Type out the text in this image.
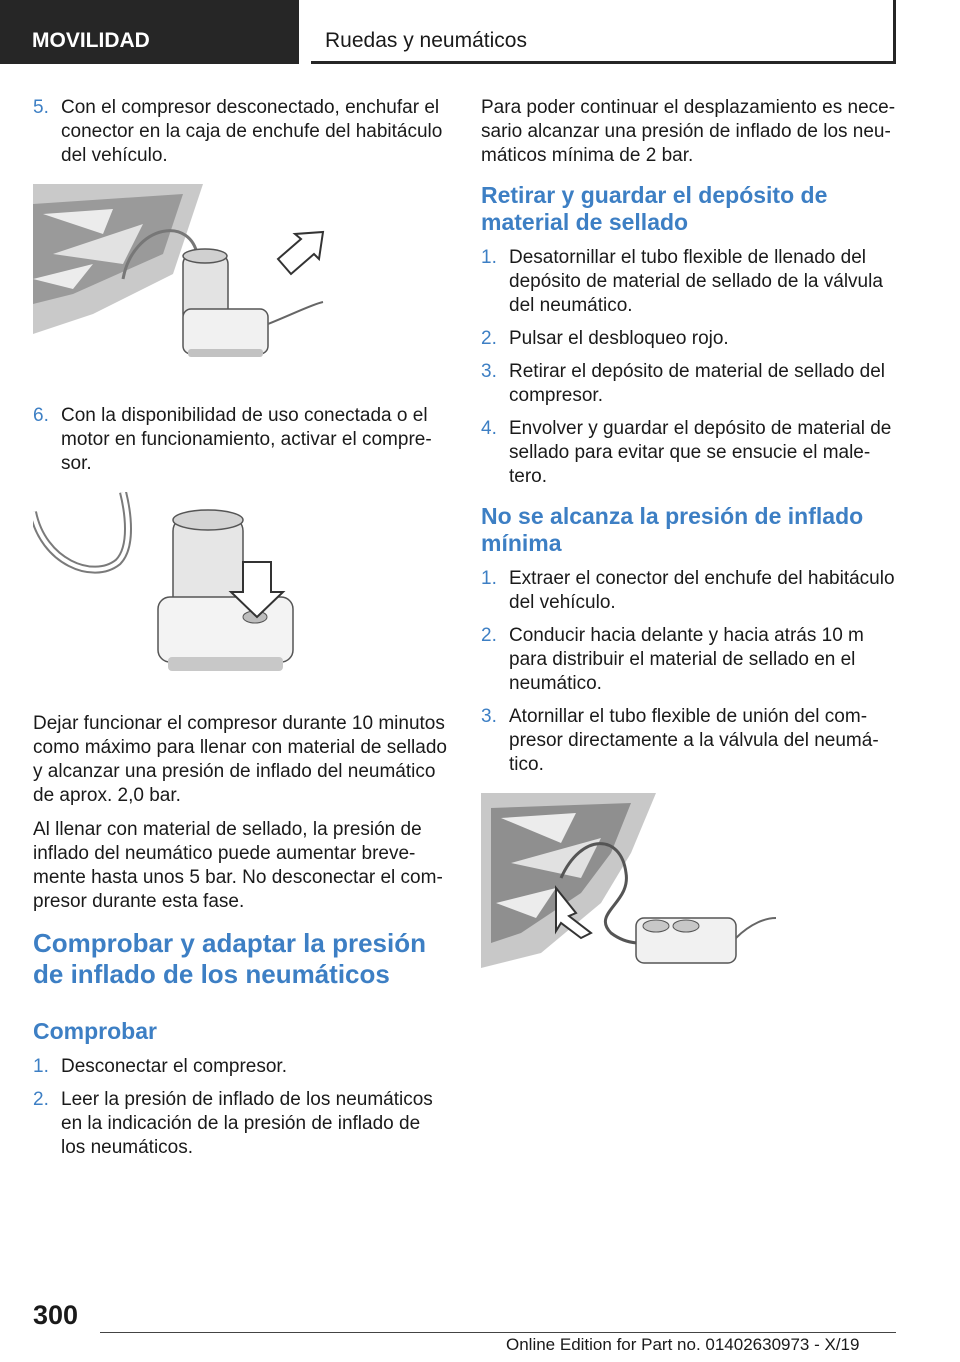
MOVILIDAD	Ruedas y neumáticos
5. Con el compresor desconectado, enchufar el conector en la caja de enchufe del habitáculo del vehículo.
6. Con la disponibilidad de uso conectada o el motor en funcionamiento, activar el compresor.

Dejar funcionar el compresor durante 10 minutos como máximo para llenar con material de sellado y alcanzar una presión de inflado del neumático de aprox. 2,0 bar.

Al llenar con material de sellado, la presión de inflado del neumático puede aumentar brevemente hasta unos 5 bar. No desconectar el compresor durante esta fase.

Comprobar y adaptar la presión de inflado de los neumáticos
Comprobar
1. Desconectar el compresor.
2. Leer la presión de inflado de los neumáticos en la indicación de la presión de inflado de los neumáticos.

Para poder continuar el desplazamiento es necesario alcanzar una presión de inflado de los neumáticos mínima de 2 bar.

Retirar y guardar el depósito de material de sellado
1. Desatornillar el tubo flexible de llenado del depósito de material de sellado de la válvula del neumático.
2. Pulsar el desbloqueo rojo.
3. Retirar el depósito de material de sellado del compresor.
4. Envolver y guardar el depósito de material de sellado para evitar que se ensucie el maletero.
No se alcanza la presión de inflado mínima
1. Extraer el conector del enchufe del habitáculo del vehículo.
2. Conducir hacia delante y hacia atrás 10 m para distribuir el material de sellado en el neumático.
3. Atornillar el tubo flexible de unión del compresor directamente a la válvula del neumático.
300
Online Edition for Part no. 01402630973 - X/19
